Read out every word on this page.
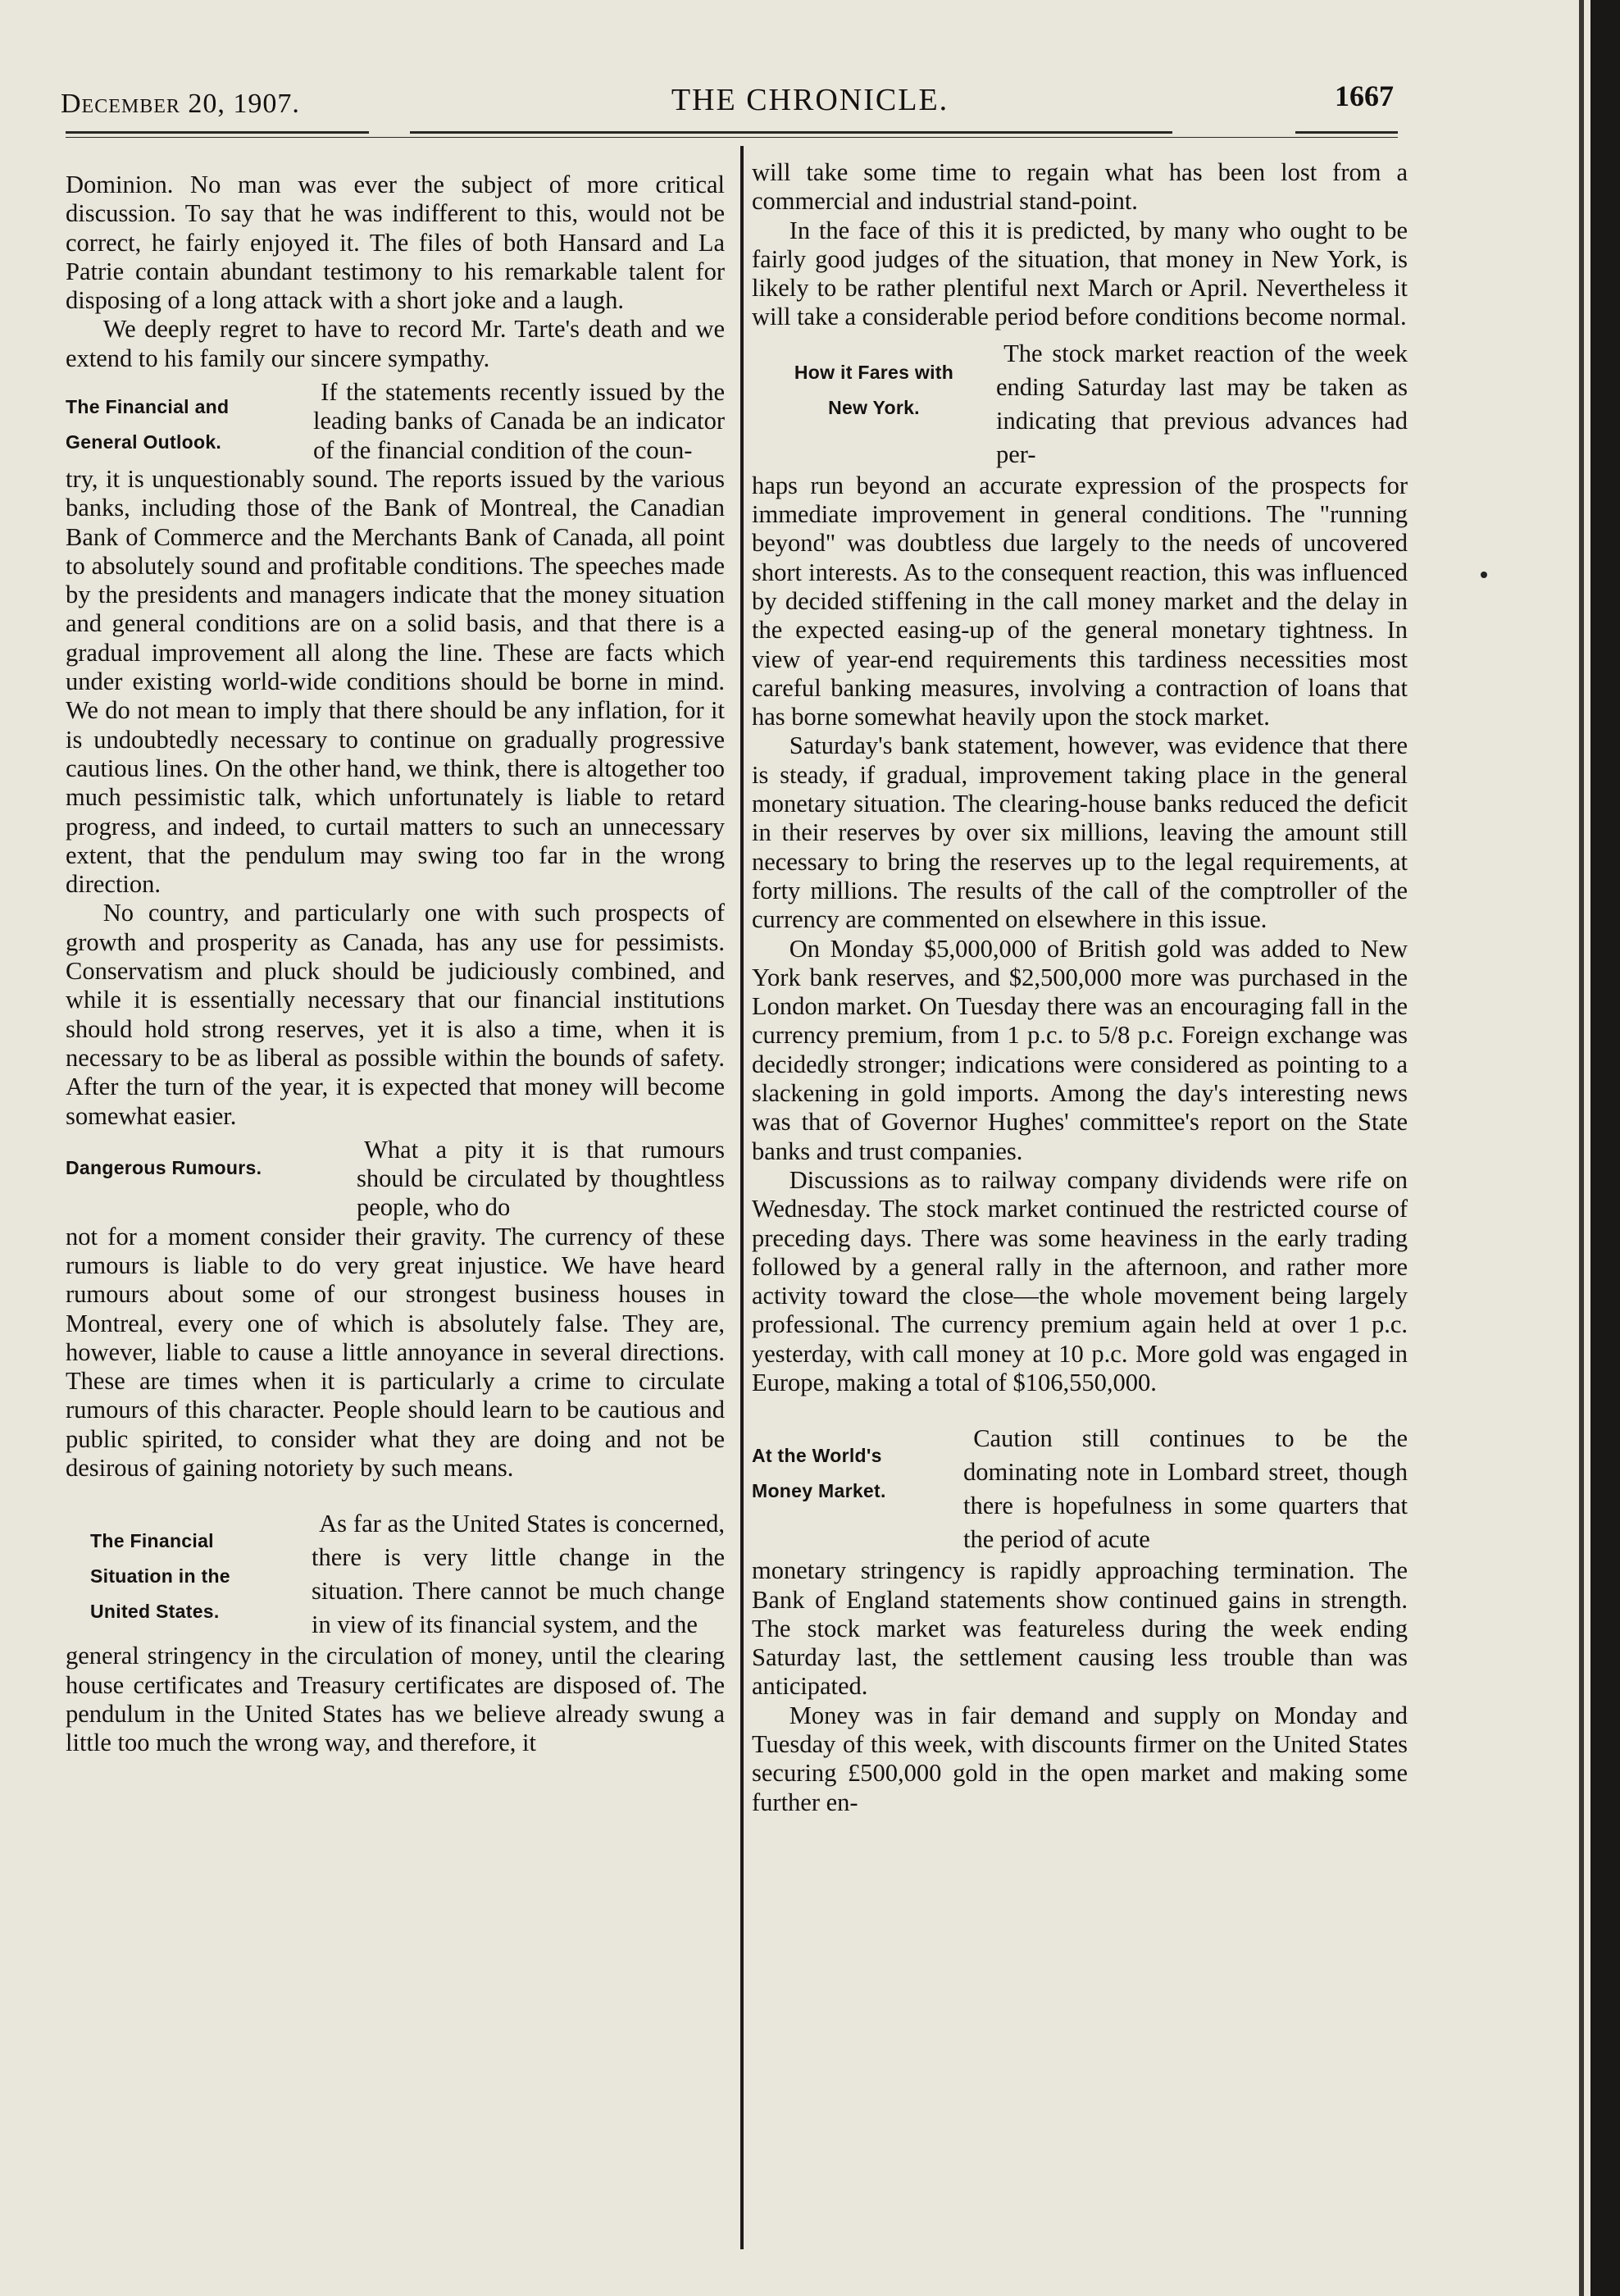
December 20, 1907.	THE CHRONICLE.	1667

Dominion. No man was ever the subject of more critical discussion. To say that he was indifferent to this, would not be correct, he fairly enjoyed it. The files of both Hansard and La Patrie contain abundant testimony to his remarkable talent for disposing of a long attack with a short joke and a laugh.

We deeply regret to have to record Mr. Tarte's death and we extend to his family our sincere sympathy.

The Financial and
General Outlook.
If the statements recently issued by the leading banks of Canada be an indicator of the financial condition of the coun-

try, it is unquestionably sound. The reports issued by the various banks, including those of the Bank of Montreal, the Canadian Bank of Commerce and the Merchants Bank of Canada, all point to absolutely sound and profitable conditions. The speeches made by the presidents and managers indicate that the money situation and general conditions are on a solid basis, and that there is a gradual improvement all along the line. These are facts which under existing world-wide conditions should be borne in mind. We do not mean to imply that there should be any inflation, for it is undoubtedly necessary to continue on gradually progressive cautious lines. On the other hand, we think, there is altogether too much pessimistic talk, which unfortunately is liable to retard progress, and indeed, to curtail matters to such an unnecessary extent, that the pendulum may swing too far in the wrong direction.

No country, and particularly one with such prospects of growth and prosperity as Canada, has any use for pessimists. Conservatism and pluck should be judiciously combined, and while it is essentially necessary that our financial institutions should hold strong reserves, yet it is also a time, when it is necessary to be as liberal as possible within the bounds of safety. After the turn of the year, it is expected that money will become somewhat easier.

Dangerous Rumours.
What a pity it is that rumours should be circulated by thoughtless people, who do

not for a moment consider their gravity. The currency of these rumours is liable to do very great injustice. We have heard rumours about some of our strongest business houses in Montreal, every one of which is absolutely false. They are, however, liable to cause a little annoyance in several directions. These are times when it is particularly a crime to circulate rumours of this character. People should learn to be cautious and public spirited, to consider what they are doing and not be desirous of gaining notoriety by such means.

The Financial
Situation in the
United States.
As far as the United States is concerned, there is very little change in the situation. There cannot be much change in view of its financial system, and the

general stringency in the circulation of money, until the clearing house certificates and Treasury certificates are disposed of. The pendulum in the United States has we believe already swung a little too much the wrong way, and therefore, it

will take some time to regain what has been lost from a commercial and industrial stand-point.

In the face of this it is predicted, by many who ought to be fairly good judges of the situation, that money in New York, is likely to be rather plentiful next March or April. Nevertheless it will take a considerable period before conditions become normal.

How it Fares with
New York.
The stock market reaction of the week ending Saturday last may be taken as indicating that previous advances had per-

haps run beyond an accurate expression of the prospects for immediate improvement in general conditions. The "running beyond" was doubtless due largely to the needs of uncovered short interests. As to the consequent reaction, this was influenced by decided stiffening in the call money market and the delay in the expected easing-up of the general monetary tightness. In view of year-end requirements this tardiness necessities most careful banking measures, involving a contraction of loans that has borne somewhat heavily upon the stock market.

Saturday's bank statement, however, was evidence that there is steady, if gradual, improvement taking place in the general monetary situation. The clearing-house banks reduced the deficit in their reserves by over six millions, leaving the amount still necessary to bring the reserves up to the legal requirements, at forty millions. The results of the call of the comptroller of the currency are commented on elsewhere in this issue.

On Monday $5,000,000 of British gold was added to New York bank reserves, and $2,500,000 more was purchased in the London market. On Tuesday there was an encouraging fall in the currency premium, from 1 p.c. to 5/8 p.c. Foreign exchange was decidedly stronger; indications were considered as pointing to a slackening in gold imports. Among the day's interesting news was that of Governor Hughes' committee's report on the State banks and trust companies.

Discussions as to railway company dividends were rife on Wednesday. The stock market continued the restricted course of preceding days. There was some heaviness in the early trading followed by a general rally in the afternoon, and rather more activity toward the close—the whole movement being largely professional. The currency premium again held at over 1 p.c. yesterday, with call money at 10 p.c. More gold was engaged in Europe, making a total of $106,550,000.

At the World's
Money Market.
Caution still continues to be the dominating note in Lombard street, though there is hopefulness in some quarters that the period of acute

monetary stringency is rapidly approaching termination. The Bank of England statements show continued gains in strength. The stock market was featureless during the week ending Saturday last, the settlement causing less trouble than was anticipated.

Money was in fair demand and supply on Monday and Tuesday of this week, with discounts firmer on the United States securing £500,000 gold in the open market and making some further en-
